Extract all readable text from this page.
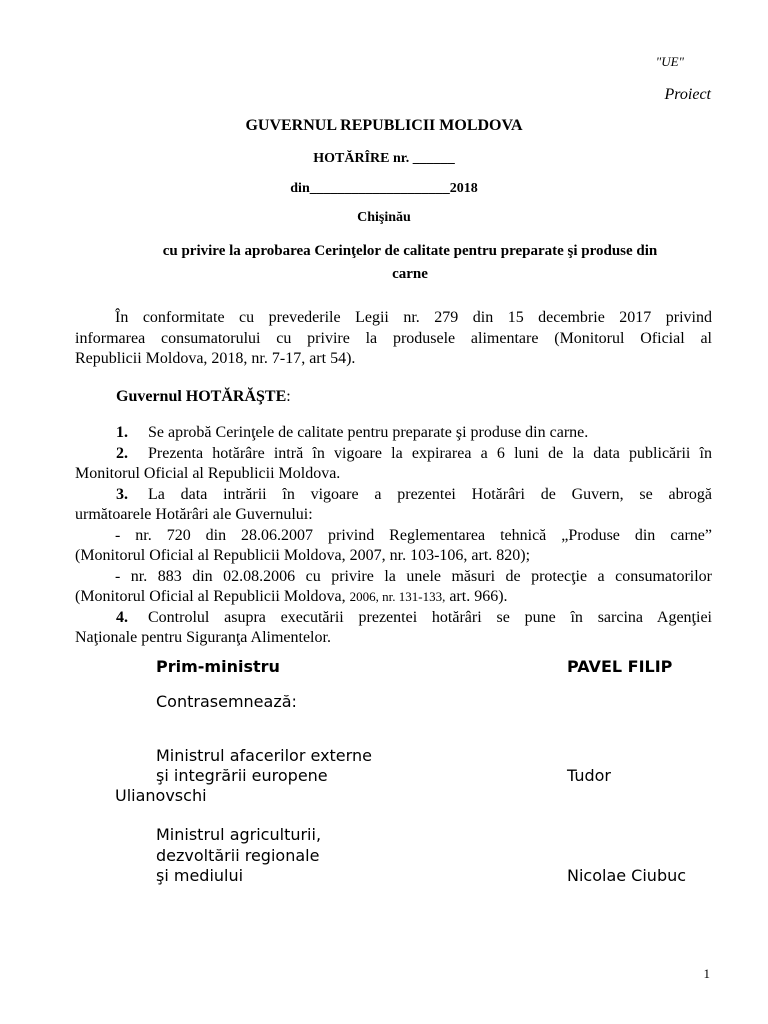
"UE"
Proiect
GUVERNUL REPUBLICII MOLDOVA
HOTĂRÎRE nr. ______
din____________________2018
Chişinău
cu privire la aprobarea Cerinţelor de calitate pentru preparate şi produse din
carne
În conformitate cu prevederile Legii nr. 279 din 15 decembrie 2017 privind
informarea consumatorului cu privire la produsele alimentare (Monitorul Oficial al
Republicii Moldova, 2018, nr. 7-17, art 54).
Guvernul HOTĂRĂŞTE:
1. Se aprobă Cerinţele de calitate pentru preparate şi produse din carne.
2. Prezenta hotărâre intră în vigoare la expirarea a 6 luni de la data publicării în
Monitorul Oficial al Republicii Moldova.
3. La data intrării în vigoare a prezentei Hotărâri de Guvern, se abrogă
următoarele Hotărâri ale Guvernului:
- nr. 720 din 28.06.2007 privind Reglementarea tehnică „Produse din carne”
(Monitorul Oficial al Republicii Moldova, 2007, nr. 103-106, art. 820);
- nr. 883 din 02.08.2006 cu privire la unele măsuri de protecţie a consumatorilor
(Monitorul Oficial al Republicii Moldova, 2006, nr. 131-133, art. 966).
4. Controlul asupra executării prezentei hotărâri se pune în sarcina Agenţiei
Naţionale pentru Siguranţa Alimentelor.
Prim-ministru	PAVEL FILIP
Contrasemnează:
Ministrul afacerilor externe
şi integrării europene	Tudor
Ulianovschi
Ministrul agriculturii,
dezvoltării regionale
şi mediului	Nicolae Ciubuc
1
